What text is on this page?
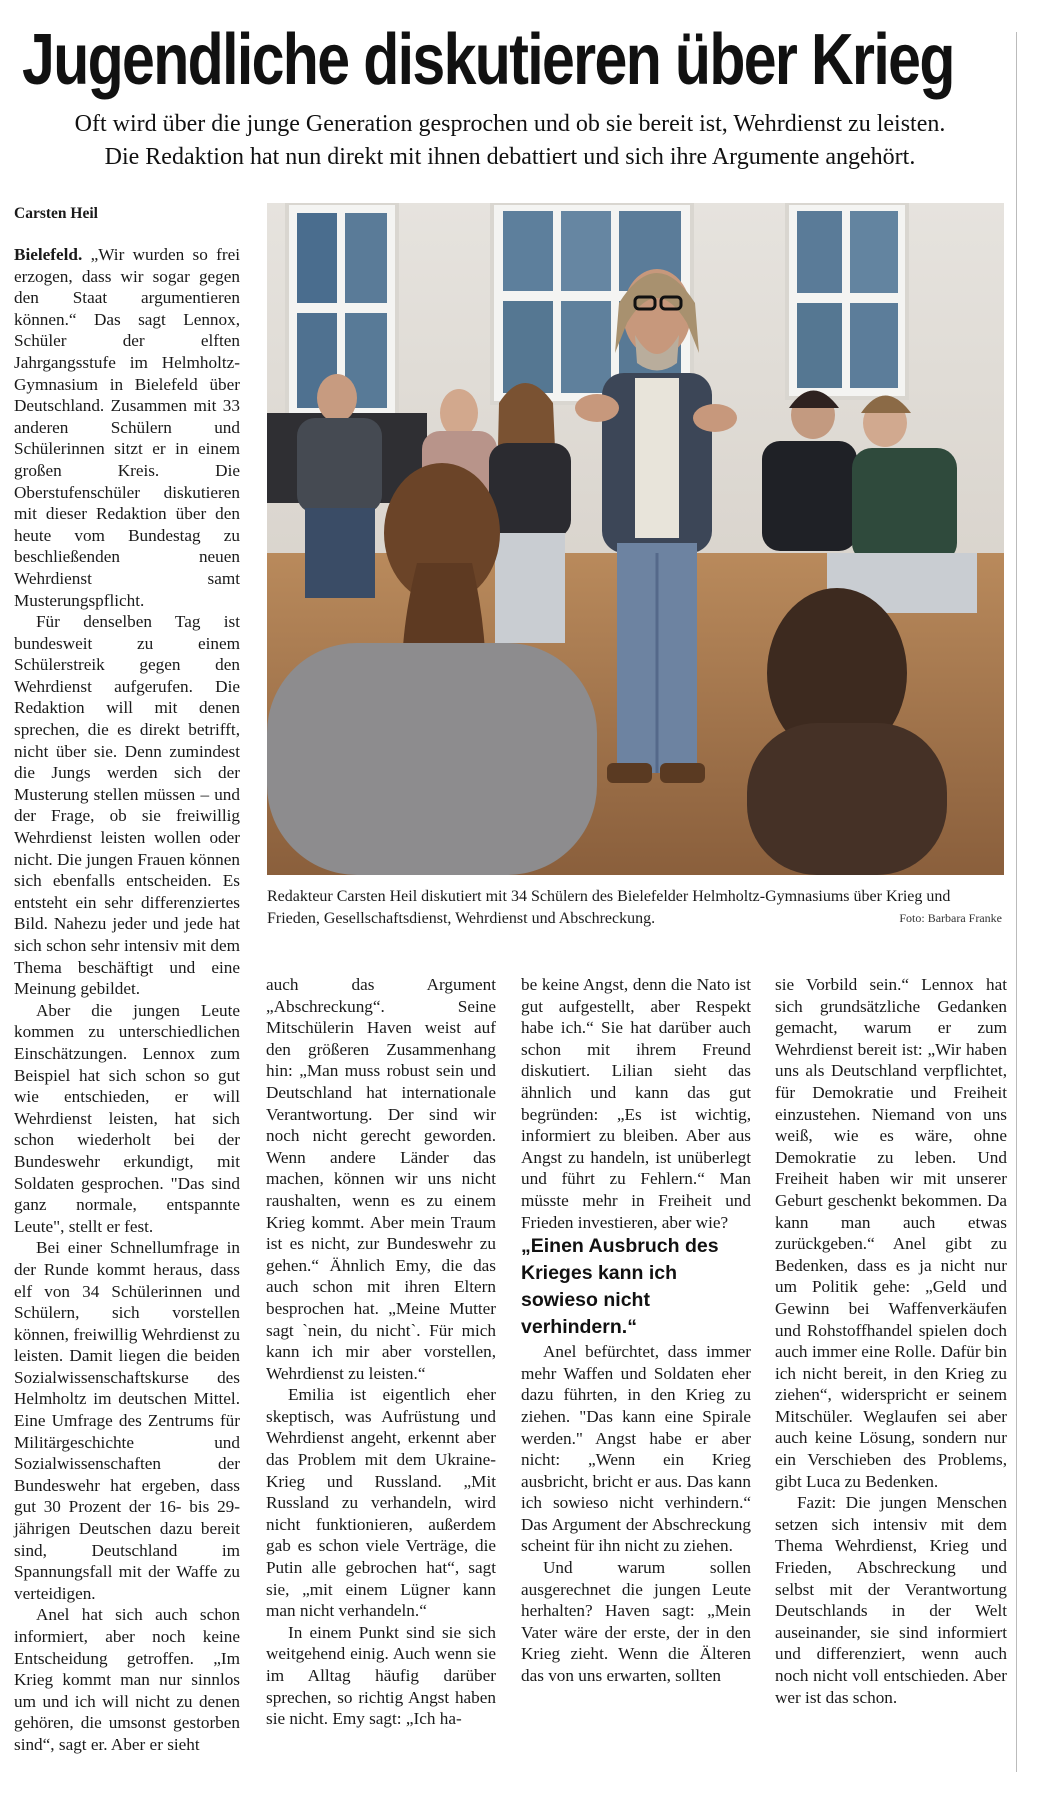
Jugendliche diskutieren über Krieg
Oft wird über die junge Generation gesprochen und ob sie bereit ist, Wehrdienst zu leisten.
Die Redaktion hat nun direkt mit ihnen debattiert und sich ihre Argumente angehört.
Carsten Heil

Bielefeld. „Wir wurden so frei erzogen, dass wir sogar gegen den Staat argumentieren können.“ Das sagt Lennox, Schüler der elften Jahrgangsstufe im Helmholtz-Gymnasium in Bielefeld über Deutschland. Zusammen mit 33 anderen Schülern und Schülerinnen sitzt er in einem großen Kreis. Die Oberstufenschüler diskutieren mit dieser Redaktion über den heute vom Bundestag zu beschließenden neuen Wehrdienst samt Musterungspflicht.

Für denselben Tag ist bundesweit zu einem Schülerstreik gegen den Wehrdienst aufgerufen. Die Redaktion will mit denen sprechen, die es direkt betrifft, nicht über sie. Denn zumindest die Jungs werden sich der Musterung stellen müssen – und der Frage, ob sie freiwillig Wehrdienst leisten wollen oder nicht. Die jungen Frauen können sich ebenfalls entscheiden. Es entsteht ein sehr differenziertes Bild. Nahezu jeder und jede hat sich schon sehr intensiv mit dem Thema beschäftigt und eine Meinung gebildet.

Aber die jungen Leute kommen zu unterschiedlichen Einschätzungen. Lennox zum Beispiel hat sich schon so gut wie entschieden, er will Wehrdienst leisten, hat sich schon wiederholt bei der Bundeswehr erkundigt, mit Soldaten gesprochen. "Das sind ganz normale, entspannte Leute", stellt er fest.

Bei einer Schnellumfrage in der Runde kommt heraus, dass elf von 34 Schülerinnen und Schülern, sich vorstellen können, freiwillig Wehrdienst zu leisten. Damit liegen die beiden Sozialwissenschaftskurse des Helmholtz im deutschen Mittel. Eine Umfrage des Zentrums für Militärgeschichte und Sozialwissenschaften der Bundeswehr hat ergeben, dass gut 30 Prozent der 16- bis 29-jährigen Deutschen dazu bereit sind, Deutschland im Spannungsfall mit der Waffe zu verteidigen.

Anel hat sich auch schon informiert, aber noch keine Entscheidung getroffen. „Im Krieg kommt man nur sinnlos um und ich will nicht zu denen gehören, die umsonst gestorben sind“, sagt er. Aber er sieht

Redakteur Carsten Heil diskutiert mit 34 Schülern des Bielefelder Helmholtz-Gymnasiums über Krieg und Frieden, Gesellschaftsdienst, Wehrdienst und Abschreckung.	Foto: Barbara Franke

auch das Argument „Abschreckung“. Seine Mitschülerin Haven weist auf den größeren Zusammenhang hin: „Man muss robust sein und Deutschland hat internationale Verantwortung. Der sind wir noch nicht gerecht geworden. Wenn andere Länder das machen, können wir uns nicht raushalten, wenn es zu einem Krieg kommt. Aber mein Traum ist es nicht, zur Bundeswehr zu gehen.“ Ähnlich Emy, die das auch schon mit ihren Eltern besprochen hat. „Meine Mutter sagt `nein, du nicht`. Für mich kann ich mir aber vorstellen, Wehrdienst zu leisten.“

Emilia ist eigentlich eher skeptisch, was Aufrüstung und Wehrdienst angeht, erkennt aber das Problem mit dem Ukraine-Krieg und Russland. „Mit Russland zu verhandeln, wird nicht funktionieren, außerdem gab es schon viele Verträge, die Putin alle gebrochen hat“, sagt sie, „mit einem Lügner kann man nicht verhandeln.“

In einem Punkt sind sie sich weitgehend einig. Auch wenn sie im Alltag häufig darüber sprechen, so richtig Angst haben sie nicht. Emy sagt: „Ich ha-

be keine Angst, denn die Nato ist gut aufgestellt, aber Respekt habe ich.“ Sie hat darüber auch schon mit ihrem Freund diskutiert. Lilian sieht das ähnlich und kann das gut begründen: „Es ist wichtig, informiert zu bleiben. Aber aus Angst zu handeln, ist unüberlegt und führt zu Fehlern.“ Man müsste mehr in Freiheit und Frieden investieren, aber wie?

„Einen Ausbruch des Krieges kann ich sowieso nicht verhindern.“

Anel befürchtet, dass immer mehr Waffen und Soldaten eher dazu führten, in den Krieg zu ziehen. "Das kann eine Spirale werden." Angst habe er aber nicht: „Wenn ein Krieg ausbricht, bricht er aus. Das kann ich sowieso nicht verhindern.“ Das Argument der Abschreckung scheint für ihn nicht zu ziehen.

Und warum sollen ausgerechnet die jungen Leute herhalten? Haven sagt: „Mein Vater wäre der erste, der in den Krieg zieht. Wenn die Älteren das von uns erwarten, sollten

sie Vorbild sein.“ Lennox hat sich grundsätzliche Gedanken gemacht, warum er zum Wehrdienst bereit ist: „Wir haben uns als Deutschland verpflichtet, für Demokratie und Freiheit einzustehen. Niemand von uns weiß, wie es wäre, ohne Demokratie zu leben. Und Freiheit haben wir mit unserer Geburt geschenkt bekommen. Da kann man auch etwas zurückgeben.“ Anel gibt zu Bedenken, dass es ja nicht nur um Politik gehe: „Geld und Gewinn bei Waffenverkäufen und Rohstoffhandel spielen doch auch immer eine Rolle. Dafür bin ich nicht bereit, in den Krieg zu ziehen“, widerspricht er seinem Mitschüler. Weglaufen sei aber auch keine Lösung, sondern nur ein Verschieben des Problems, gibt Luca zu Bedenken.

Fazit: Die jungen Menschen setzen sich intensiv mit dem Thema Wehrdienst, Krieg und Frieden, Abschreckung und selbst mit der Verantwortung Deutschlands in der Welt auseinander, sie sind informiert und differenziert, wenn auch noch nicht voll entschieden. Aber wer ist das schon.
